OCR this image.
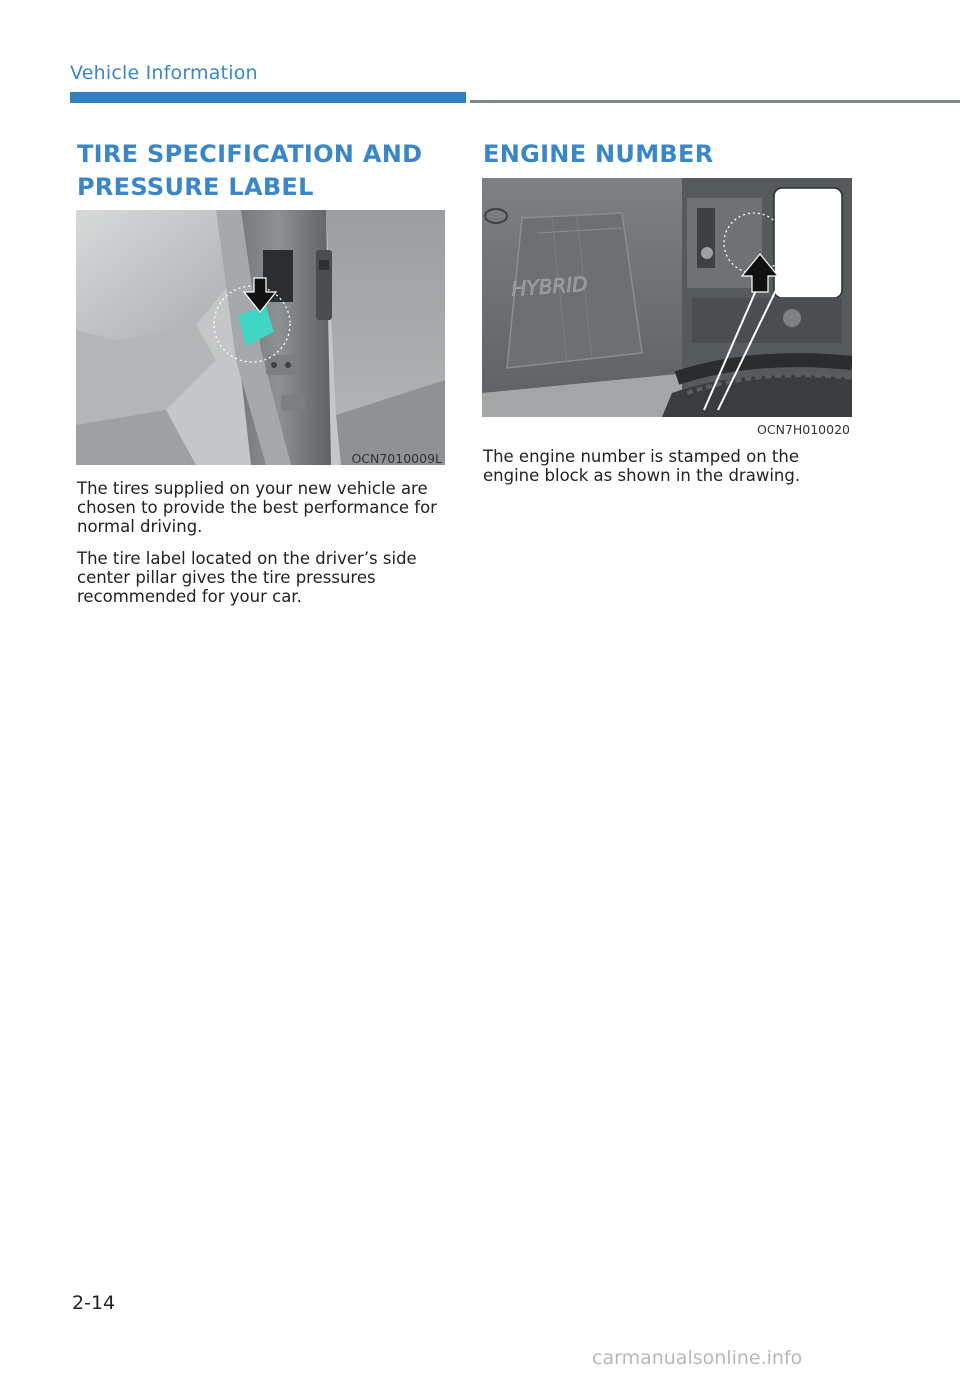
Vehicle Information
TIRE SPECIFICATION AND
PRESSURE LABEL
OCN7010009L

The tires supplied on your new vehicle are chosen to provide the best performance for normal driving.

The tire label located on the driver’s side center pillar gives the tire pressures recommended for your car.

ENGINE NUMBER
HYBRID
OCN7H010020

The engine number is stamped on the engine block as shown in the drawing.

2-14
carmanualsonline.info
